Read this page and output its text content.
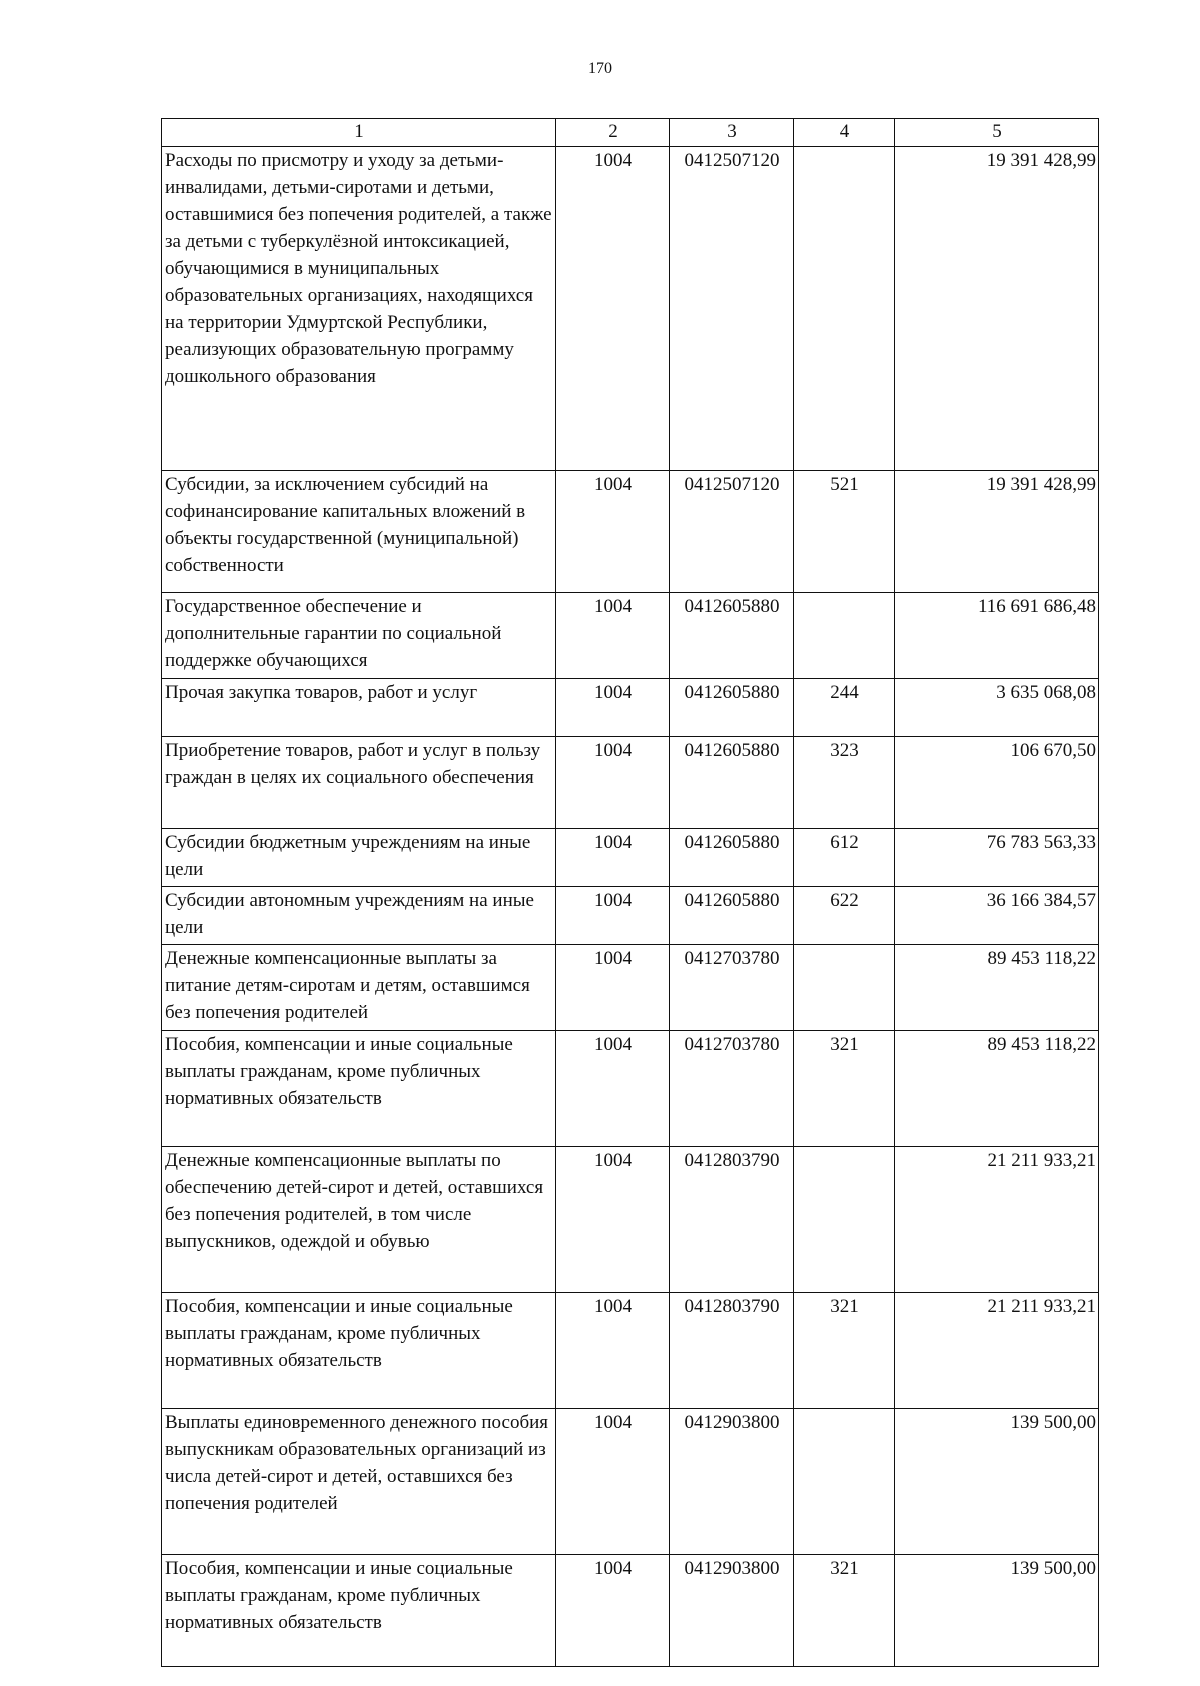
170
1	2	3	4	5
Расходы по присмотру и уходу за детьми-инвалидами, детьми-сиротами и детьми, оставшимися без попечения родителей, а также за детьми с туберкулёзной интоксикацией, обучающимися в муниципальных образовательных организациях, находящихся на территории Удмуртской Республики, реализующих образовательную программу дошкольного образования	1004	0412507120		19 391 428,99
Субсидии, за исключением субсидий на софинансирование капитальных вложений в объекты государственной (муниципальной) собственности	1004	0412507120	521	19 391 428,99
Государственное обеспечение и дополнительные гарантии по социальной поддержке обучающихся	1004	0412605880		116 691 686,48
Прочая закупка товаров, работ и услуг	1004	0412605880	244	3 635 068,08
Приобретение товаров, работ и услуг в пользу граждан в целях их социального обеспечения	1004	0412605880	323	106 670,50
Субсидии бюджетным учреждениям на иные цели	1004	0412605880	612	76 783 563,33
Субсидии автономным учреждениям на иные цели	1004	0412605880	622	36 166 384,57
Денежные компенсационные выплаты за питание детям-сиротам и детям, оставшимся без попечения родителей	1004	0412703780		89 453 118,22
Пособия, компенсации и иные социальные выплаты гражданам, кроме публичных нормативных обязательств	1004	0412703780	321	89 453 118,22
Денежные компенсационные выплаты по обеспечению детей-сирот и детей, оставшихся без попечения родителей, в том числе выпускников, одеждой и обувью	1004	0412803790		21 211 933,21
Пособия, компенсации и иные социальные выплаты гражданам, кроме публичных нормативных обязательств	1004	0412803790	321	21 211 933,21
Выплаты единовременного денежного пособия выпускникам образовательных организаций из числа детей-сирот и детей, оставшихся без попечения родителей	1004	0412903800		139 500,00
Пособия, компенсации и иные социальные выплаты гражданам, кроме публичных нормативных обязательств	1004	0412903800	321	139 500,00
